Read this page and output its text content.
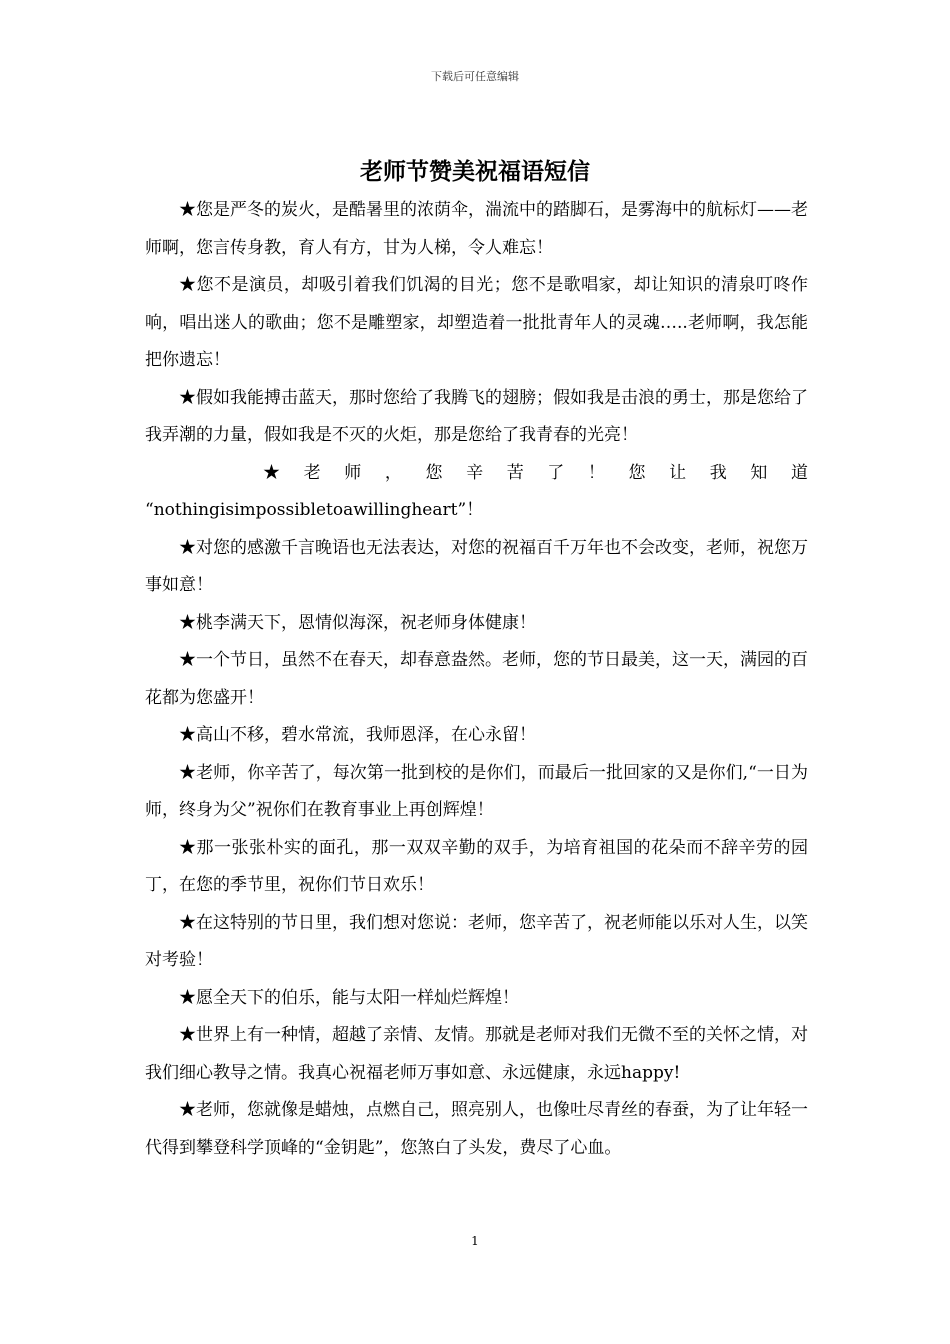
下载后可任意编辑
老师节赞美祝福语短信

★您是严冬的炭火，是酷暑里的浓荫伞，湍流中的踏脚石，是雾海中的航标灯——老师啊，您言传身教，育人有方，甘为人梯，令人难忘！

★您不是演员，却吸引着我们饥渴的目光；您不是歌唱家，却让知识的清泉叮咚作响，唱出迷人的歌曲；您不是雕塑家，却塑造着一批批青年人的灵魂…..老师啊，我怎能把你遗忘！

★假如我能搏击蓝天，那时您给了我腾飞的翅膀；假如我是击浪的勇士，那是您给了我弄潮的力量，假如我是不灭的火炬，那是您给了我青春的光亮！

★ 老 师 ， 您 辛 苦 了 ！ 您 让 我 知 道

“nothingisimpossibletoawillingheart”！

★对您的感激千言晚语也无法表达，对您的祝福百千万年也不会改变，老师，祝您万事如意！

★桃李满天下，恩情似海深，祝老师身体健康！

★一个节日，虽然不在春天，却春意盎然。老师，您的节日最美，这一天，满园的百花都为您盛开！

★高山不移，碧水常流，我师恩泽，在心永留！

★老师，你辛苦了，每次第一批到校的是你们，而最后一批回家的又是你们,“一日为师，终身为父”祝你们在教育事业上再创辉煌！

★那一张张朴实的面孔，那一双双辛勤的双手，为培育祖国的花朵而不辞辛劳的园丁，在您的季节里，祝你们节日欢乐！

★在这特别的节日里，我们想对您说：老师，您辛苦了，祝老师能以乐对人生，以笑对考验！

★愿全天下的伯乐，能与太阳一样灿烂辉煌！

★世界上有一种情，超越了亲情、友情。那就是老师对我们无微不至的关怀之情，对我们细心教导之情。我真心祝福老师万事如意、永远健康，永远happy!

★老师，您就像是蜡烛，点燃自己，照亮别人，也像吐尽青丝的春蚕，为了让年轻一代得到攀登科学顶峰的“金钥匙”，您煞白了头发，费尽了心血。

1
